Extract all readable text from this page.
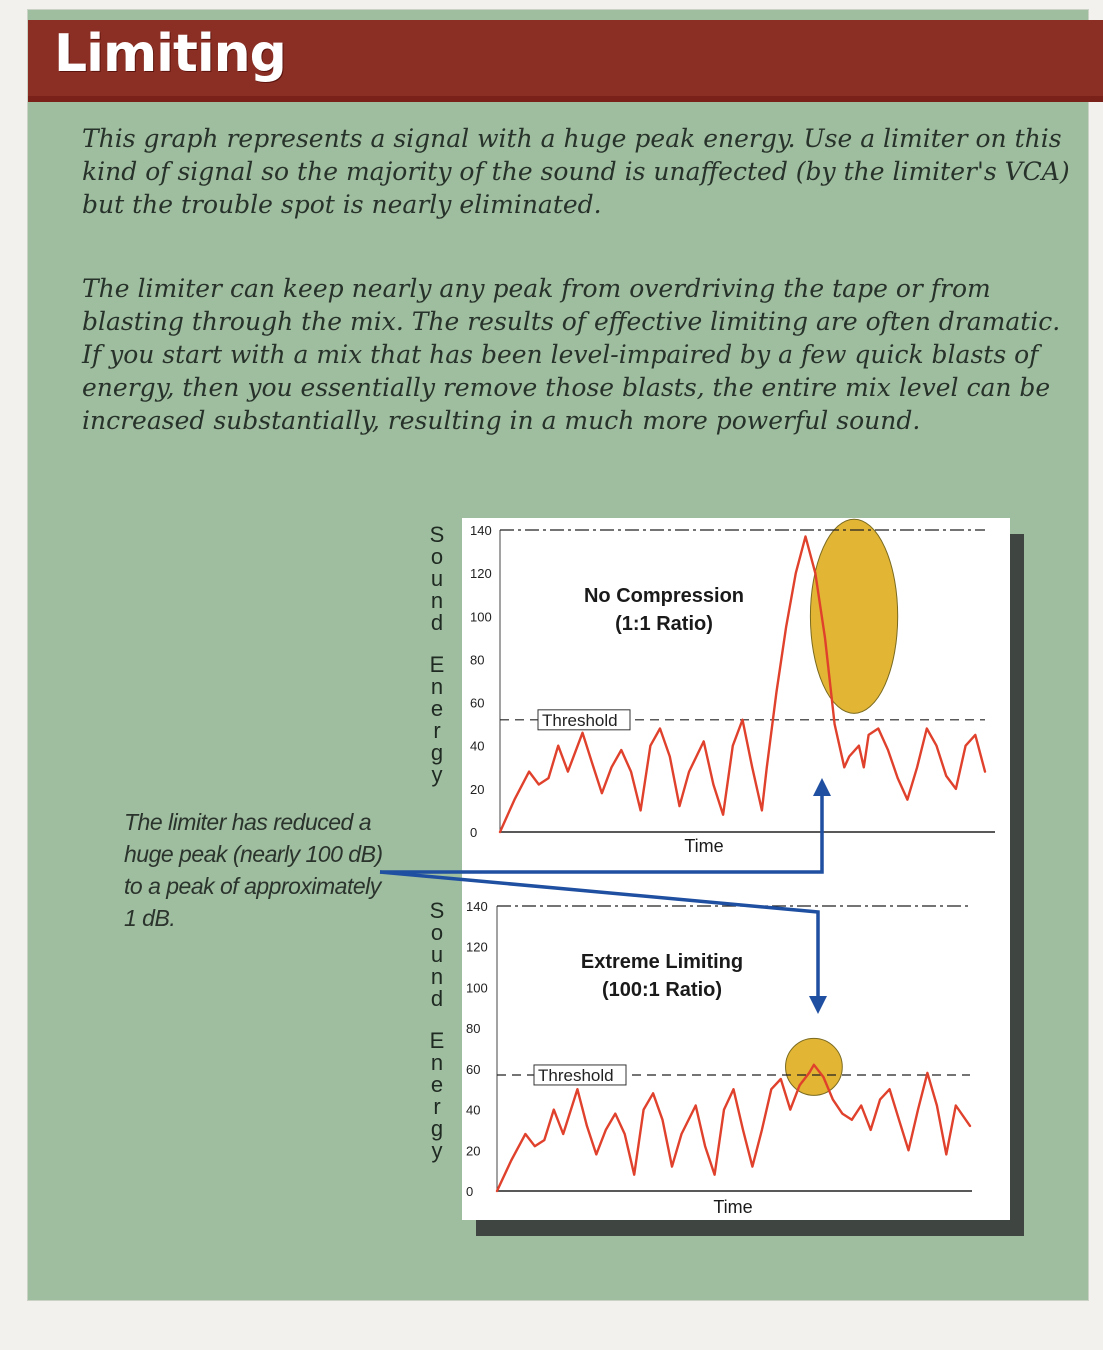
Limiting
This graph represents a signal with a huge peak energy. Use a limiter on this kind of signal so the majority of the sound is unaffected (by the limiter's VCA) but the trouble spot is nearly eliminated.
The limiter can keep nearly any peak from overdriving the tape or from blasting through the mix. The results of effective limiting are often dramatic. If you start with a mix that has been level-impaired by a few quick blasts of energy, then you essentially remove those blasts, the entire mix level can be increased substantially, resulting in a much more powerful sound.
The limiter has reduced a huge peak (nearly 100 dB) to a peak of approximately 1 dB.
S
o
u
n
d
E
n
e
r
g
y
S
o
u
n
d
E
n
e
r
g
y
0
20
40
60
80
100
120
140
Threshold
No Compression
(1:1 Ratio)
Time
0
20
40
60
80
100
120
140
Threshold
Extreme Limiting
(100:1 Ratio)
Time
